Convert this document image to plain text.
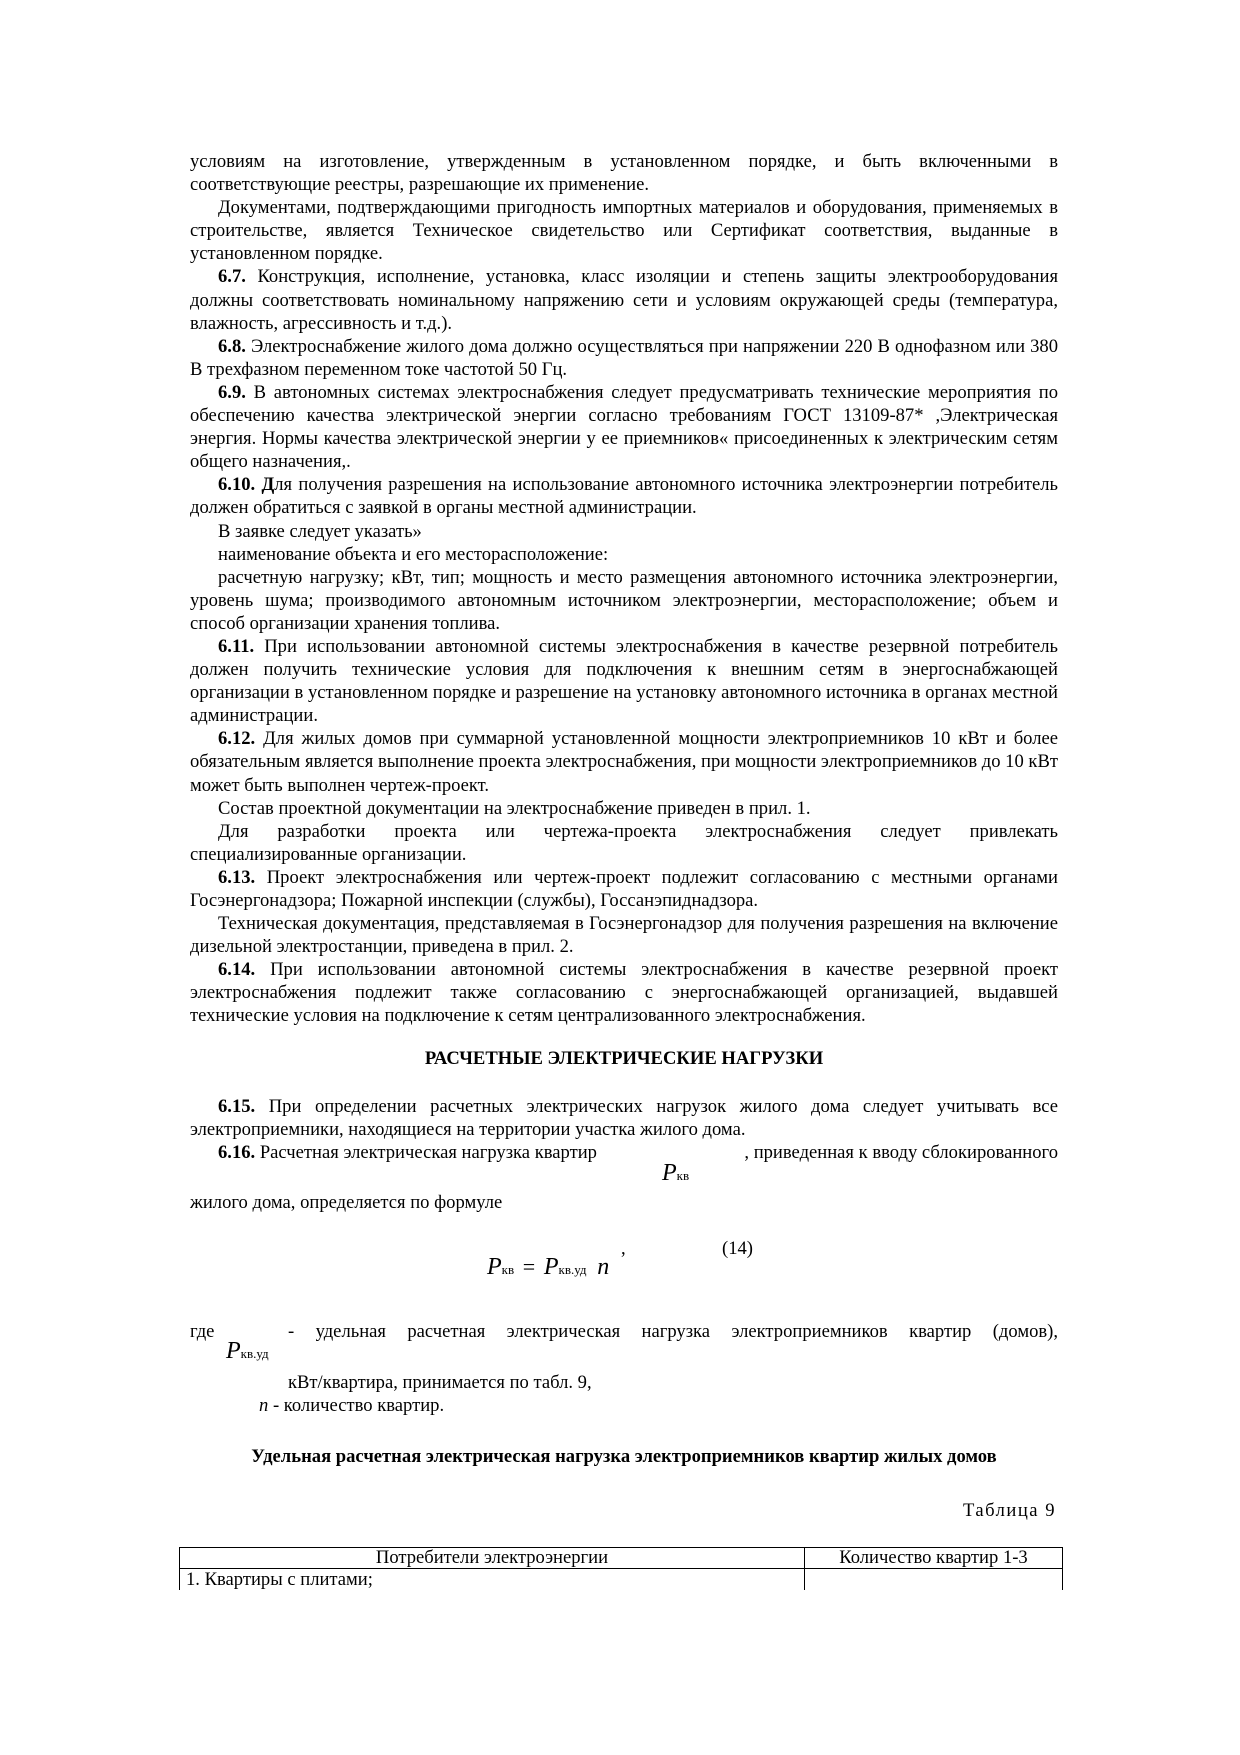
условиям на изготовление, утвержденным в установленном порядке, и быть включенными в соответствующие реестры, разрешающие их применение.

Документами, подтверждающими пригодность импортных материалов и оборудования, применяемых в строительстве, является Техническое свидетельство или Сертификат соответствия, выданные в установленном порядке.

6.7. Конструкция, исполнение, установка, класс изоляции и степень защиты электрооборудования должны соответствовать номинальному напряжению сети и условиям окружающей среды (температура, влажность, агрессивность и т.д.).

6.8. Электроснабжение жилого дома должно осуществляться при напряжении 220 В однофазном или 380 В трехфазном переменном токе частотой 50 Гц.

6.9. В автономных системах электроснабжения следует предусматривать технические мероприятия по обеспечению качества электрической энергии согласно требованиям ГОСТ 13109-87* ,Электрическая энергия. Нормы качества электрической энергии у ее приемников« присоединенных к электрическим сетям общего назначения,.

6.10. Для получения разрешения на использование автономного источника электроэнергии потребитель должен обратиться с заявкой в органы местной администрации.

В заявке следует указать»

наименование объекта и его месторасположение:

расчетную нагрузку; кВт, тип; мощность и место размещения автономного источника электроэнергии, уровень шума; производимого автономным источником электроэнергии, месторасположение; объем и способ организации хранения топлива.

6.11. При использовании автономной системы электроснабжения в качестве резервной потребитель должен получить технические условия для подключения к внешним сетям в энергоснабжающей организации в установленном порядке и разрешение на установку автономного источника в органах местной администрации.

6.12. Для жилых домов при суммарной установленной мощности электроприемников 10 кВт и более обязательным является выполнение проекта электроснабжения, при мощности электроприемников до 10 кВт может быть выполнен чертеж-проект.

Состав проектной документации на электроснабжение приведен в прил. 1.

Для разработки проекта или чертежа-проекта электроснабжения следует привлекать специализированные организации.

6.13. Проект электроснабжения или чертеж-проект подлежит согласованию с местными органами Госэнергонадзора; Пожарной инспекции (службы), Госсанэпиднадзора.

Техническая документация, представляемая в Госэнергонадзор для получения разрешения на включение дизельной электростанции, приведена в прил. 2.

6.14. При использовании автономной системы электроснабжения в качестве резервной проект электроснабжения подлежит также согласованию с энергоснабжающей организацией, выдавшей технические условия на подключение к сетям централизованного электроснабжения.

РАСЧЕТНЫЕ ЭЛЕКТРИЧЕСКИЕ НАГРУЗКИ

6.15. При определении расчетных электрических нагрузок жилого дома следует учитывать все электроприемники, находящиеся на территории участка жилого дома.

6.16. Расчетная электрическая нагрузка квартир	, приведенная к вводу сблокированного
Pкв
жилого дома, определяется по формуле
Pкв = Pкв.уд n
,	(14)
где	- удельная расчетная электрическая нагрузка электроприемников квартир (домов),
Pкв.уд
кВт/квартира, принимается по табл. 9,
n - количество квартир.
Удельная расчетная электрическая нагрузка электроприемников квартир жилых домов
Таблица 9
Потребители электроэнергии	Количество квартир 1-3
1. Квартиры с плитами;	
